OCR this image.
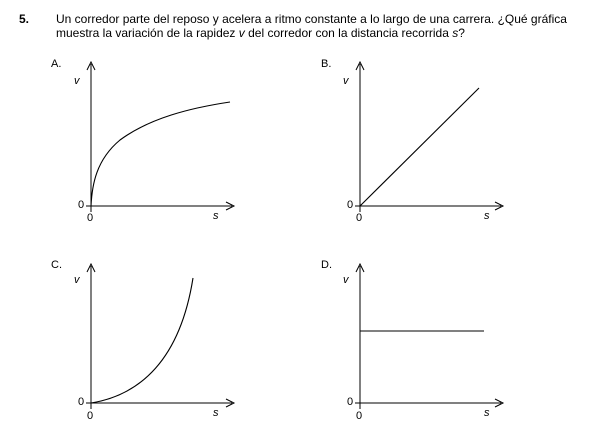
5. Un corredor parte del reposo y acelera a ritmo constante a lo largo de una carrera. ¿Qué gráfica muestra la variación de la rapidez v del corredor con la distancia recorrida s?
A.
v
0
0	s
B.
v
0
0	s
C.
v
0
0	s
D.
v
0
0	s
